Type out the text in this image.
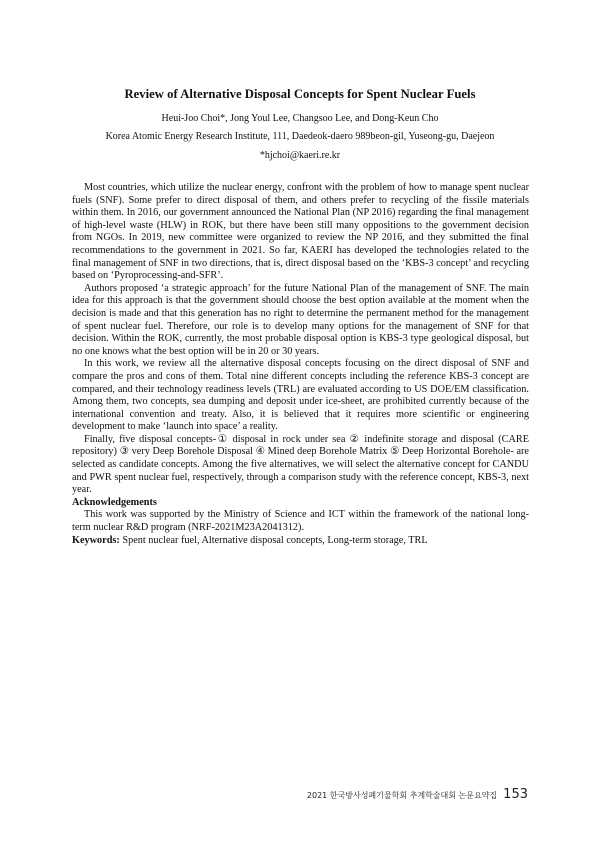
Review of Alternative Disposal Concepts for Spent Nuclear Fuels
Heui-Joo Choi*, Jong Youl Lee, Changsoo Lee, and Dong-Keun Cho
Korea Atomic Energy Research Institute, 111, Daedeok-daero 989beon-gil, Yuseong-gu, Daejeon
*hjchoi@kaeri.re.kr

Most countries, which utilize the nuclear energy, confront with the problem of how to manage spent nuclear fuels (SNF). Some prefer to direct disposal of them, and others prefer to recycling of the fissile materials within them. In 2016, our government announced the National Plan (NP 2016) regarding the final management of high-level waste (HLW) in ROK, but there have been still many oppositions to the government decision from NGOs. In 2019, new committee were organized to review the NP 2016, and they submitted the final recommendations to the government in 2021. So far, KAERI has developed the technologies related to the final management of SNF in two directions, that is, direct disposal based on the ‘KBS-3 concept’ and recycling based on ‘Pyroprocessing-and-SFR’.

Authors proposed ‘a strategic approach’ for the future National Plan of the management of SNF. The main idea for this approach is that the government should choose the best option available at the moment when the decision is made and that this generation has no right to determine the permanent method for the management of spent nuclear fuel. Therefore, our role is to develop many options for the management of SNF for that decision. Within the ROK, currently, the most probable disposal option is KBS-3 type geological disposal, but no one knows what the best option will be in 20 or 30 years.

In this work, we review all the alternative disposal concepts focusing on the direct disposal of SNF and compare the pros and cons of them. Total nine different concepts including the reference KBS-3 concept are compared, and their technology readiness levels (TRL) are evaluated according to US DOE/EM classification. Among them, two concepts, sea dumping and deposit under ice-sheet, are prohibited currently because of the international convention and treaty. Also, it is believed that it requires more scientific or engineering development to make ‘launch into space’ a reality.

Finally, five disposal concepts-① disposal in rock under sea ② indefinite storage and disposal (CARE repository) ③ very Deep Borehole Disposal ④ Mined deep Borehole Matrix ⑤ Deep Horizontal Borehole- are selected as candidate concepts. Among the five alternatives, we will select the alternative concept for CANDU and PWR spent nuclear fuel, respectively, through a comparison study with the reference concept, KBS-3, next year.

Acknowledgements

This work was supported by the Ministry of Science and ICT within the framework of the national long-term nuclear R&D program (NRF-2021M23A2041312).

Keywords: Spent nuclear fuel, Alternative disposal concepts, Long-term storage, TRL

2021 한국방사성폐기물학회 추계학술대회 논문요약집 153
